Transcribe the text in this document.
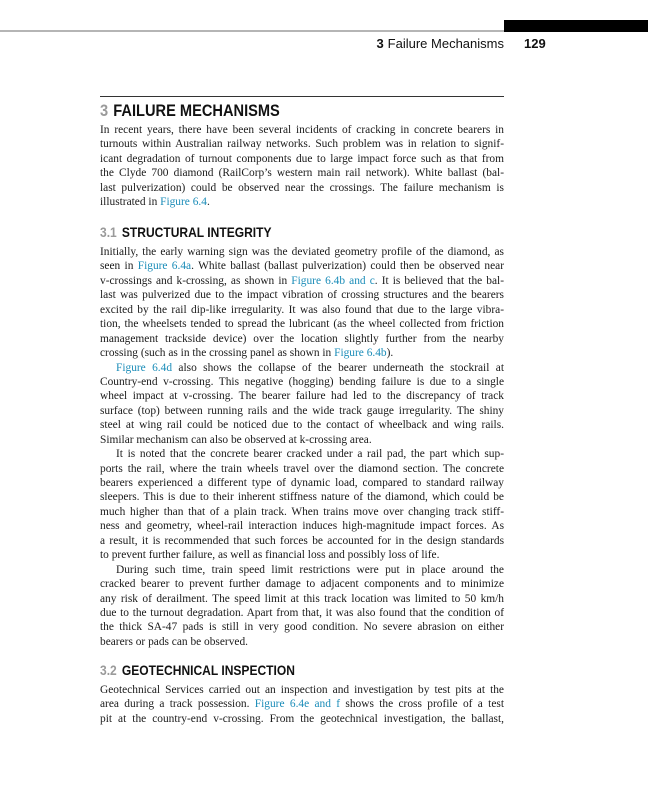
3 Failure Mechanisms 129
3 FAILURE MECHANISMS
In recent years, there have been several incidents of cracking in concrete bearers in
turnouts within Australian railway networks. Such problem was in relation to signif-
icant degradation of turnout components due to large impact force such as that from
the Clyde 700 diamond (RailCorp’s western main rail network). White ballast (bal-
last pulverization) could be observed near the crossings. The failure mechanism is
illustrated in Figure 6.4.
3.1 STRUCTURAL INTEGRITY
Initially, the early warning sign was the deviated geometry profile of the diamond, as
seen in Figure 6.4a. White ballast (ballast pulverization) could then be observed near
v-crossings and k-crossing, as shown in Figure 6.4b and c. It is believed that the bal-
last was pulverized due to the impact vibration of crossing structures and the bearers
excited by the rail dip-like irregularity. It was also found that due to the large vibra-
tion, the wheelsets tended to spread the lubricant (as the wheel collected from friction
management trackside device) over the location slightly further from the nearby
crossing (such as in the crossing panel as shown in Figure 6.4b).
Figure 6.4d also shows the collapse of the bearer underneath the stockrail at
Country-end v-crossing. This negative (hogging) bending failure is due to a single
wheel impact at v-crossing. The bearer failure had led to the discrepancy of track
surface (top) between running rails and the wide track gauge irregularity. The shiny
steel at wing rail could be noticed due to the contact of wheelback and wing rails.
Similar mechanism can also be observed at k-crossing area.
It is noted that the concrete bearer cracked under a rail pad, the part which sup-
ports the rail, where the train wheels travel over the diamond section. The concrete
bearers experienced a different type of dynamic load, compared to standard railway
sleepers. This is due to their inherent stiffness nature of the diamond, which could be
much higher than that of a plain track. When trains move over changing track stiff-
ness and geometry, wheel-rail interaction induces high-magnitude impact forces. As
a result, it is recommended that such forces be accounted for in the design standards
to prevent further failure, as well as financial loss and possibly loss of life.
During such time, train speed limit restrictions were put in place around the
cracked bearer to prevent further damage to adjacent components and to minimize
any risk of derailment. The speed limit at this track location was limited to 50 km/h
due to the turnout degradation. Apart from that, it was also found that the condition of
the thick SA-47 pads is still in very good condition. No severe abrasion on either
bearers or pads can be observed.
3.2 GEOTECHNICAL INSPECTION
Geotechnical Services carried out an inspection and investigation by test pits at the
area during a track possession. Figure 6.4e and f shows the cross profile of a test
pit at the country-end v-crossing. From the geotechnical investigation, the ballast,
